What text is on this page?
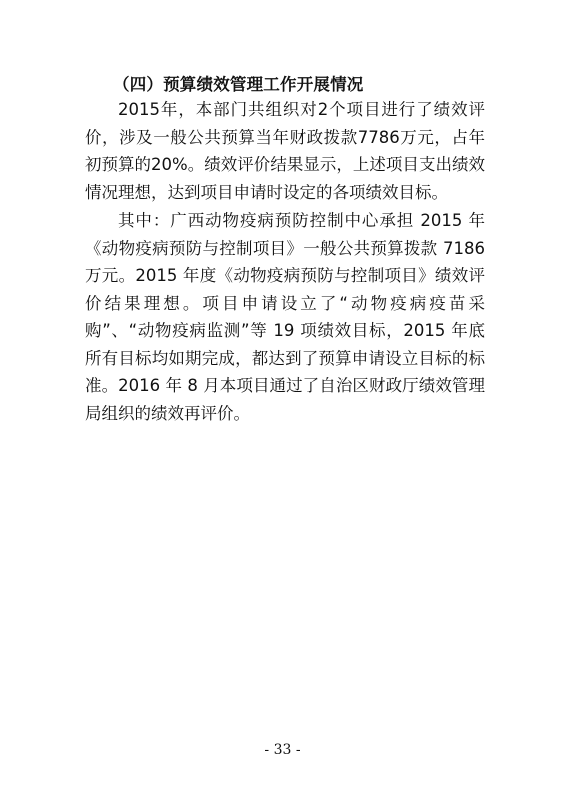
（四）预算绩效管理工作开展情况

2015年，本部门共组织对2个项目进行了绩效评价，涉及一般公共预算当年财政拨款7786万元，占年初预算的20%。绩效评价结果显示，上述项目支出绩效情况理想，达到项目申请时设定的各项绩效目标。

其中：广西动物疫病预防控制中心承担 2015 年《动物疫病预防与控制项目》一般公共预算拨款 7186 万元。2015 年度《动物疫病预防与控制项目》绩效评价结果理想。项目申请设立了“动物疫病疫苗采购”、“动物疫病监测”等 19 项绩效目标，2015 年底所有目标均如期完成，都达到了预算申请设立目标的标准。2016 年 8 月本项目通过了自治区财政厅绩效管理局组织的绩效再评价。

- 33 -
